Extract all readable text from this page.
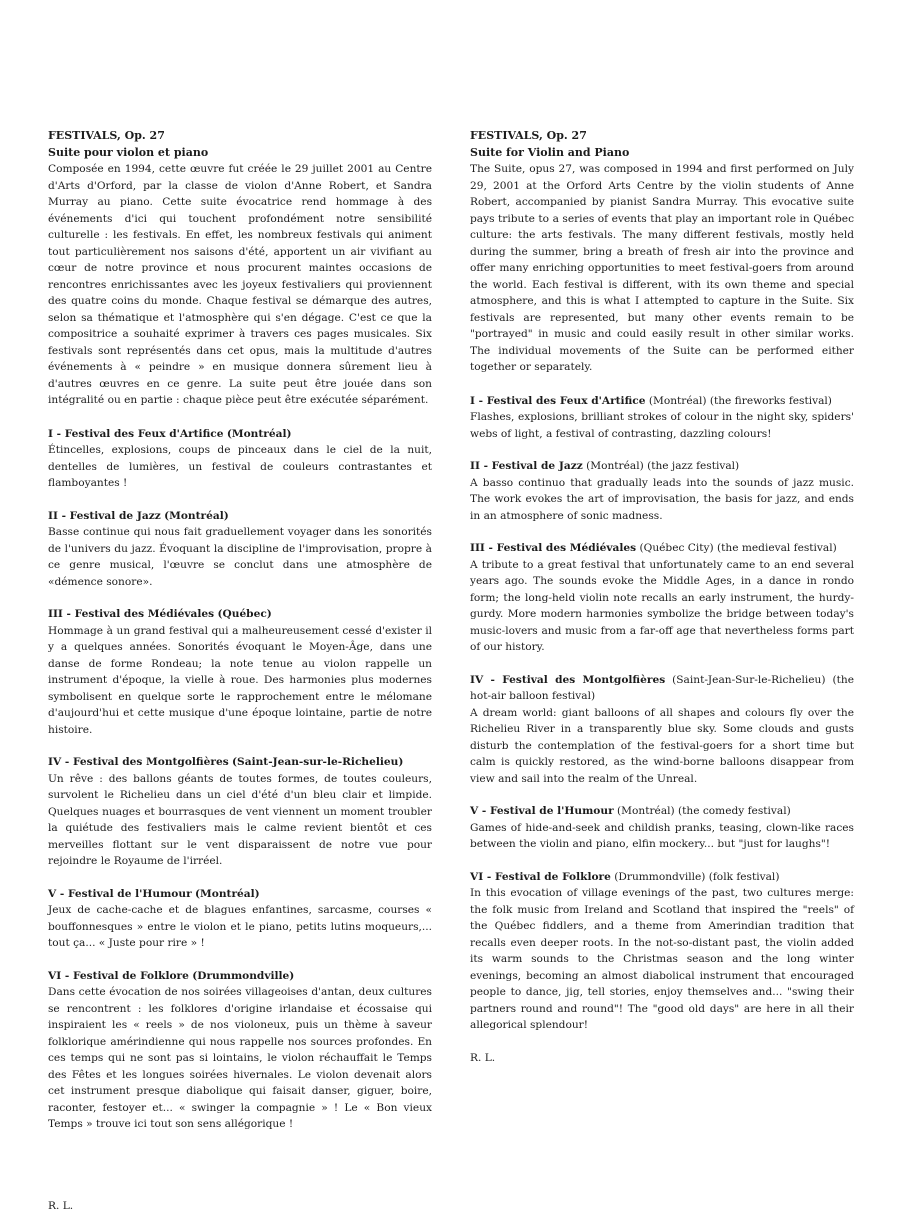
FESTIVALS, Op. 27

Suite pour violon et piano

Composée en 1994, cette œuvre fut créée le 29 juillet 2001 au Centre d'Arts d'Orford, par la classe de violon d'Anne Robert, et Sandra Murray au piano. Cette suite évocatrice rend hommage à des événements d'ici qui touchent profondément notre sensibilité culturelle : les festivals. En effet, les nombreux festivals qui animent tout particulièrement nos saisons d'été, apportent un air vivifiant au cœur de notre province et nous procurent maintes occasions de rencontres enrichissantes avec les joyeux festivaliers qui proviennent des quatre coins du monde. Chaque festival se démarque des autres, selon sa thématique et l'atmosphère qui s'en dégage. C'est ce que la compositrice a souhaité exprimer à travers ces pages musicales. Six festivals sont représentés dans cet opus, mais la multitude d'autres événements à « peindre » en musique donnera sûrement lieu à d'autres œuvres en ce genre. La suite peut être jouée dans son intégralité ou en partie : chaque pièce peut être exécutée séparément.

I - Festival des Feux d'Artifice (Montréal)

Étincelles, explosions, coups de pinceaux dans le ciel de la nuit, dentelles de lumières, un festival de couleurs contrastantes et flamboyantes !

II - Festival de Jazz (Montréal)

Basse continue qui nous fait graduellement voyager dans les sonorités de l'univers du jazz. Évoquant la discipline de l'improvisation, propre à ce genre musical, l'œuvre se conclut dans une atmosphère de «démence sonore».

III - Festival des Médiévales (Québec)

Hommage à un grand festival qui a malheureusement cessé d'exister il y a quelques années. Sonorités évoquant le Moyen-Âge, dans une danse de forme Rondeau; la note tenue au violon rappelle un instrument d'époque, la vielle à roue. Des harmonies plus modernes symbolisent en quelque sorte le rapprochement entre le mélomane d'aujourd'hui et cette musique d'une époque lointaine, partie de notre histoire.

IV - Festival des Montgolfières (Saint-Jean-sur-le-Richelieu)

Un rêve : des ballons géants de toutes formes, de toutes couleurs, survolent le Richelieu dans un ciel d'été d'un bleu clair et limpide. Quelques nuages et bourrasques de vent viennent un moment troubler la quiétude des festivaliers mais le calme revient bientôt et ces merveilles flottant sur le vent disparaissent de notre vue pour rejoindre le Royaume de l'irréel.

V - Festival de l'Humour (Montréal)

Jeux de cache-cache et de blagues enfantines, sarcasme, courses « bouffonnesques » entre le violon et le piano, petits lutins moqueurs,... tout ça... « Juste pour rire » !

VI - Festival de Folklore (Drummondville)

Dans cette évocation de nos soirées villageoises d'antan, deux cultures se rencontrent : les folklores d'origine irlandaise et écossaise qui inspiraient les « reels » de nos violoneux, puis un thème à saveur folklorique amérindienne qui nous rappelle nos sources profondes. En ces temps qui ne sont pas si lointains, le violon réchauffait le Temps des Fêtes et les longues soirées hivernales. Le violon devenait alors cet instrument presque diabolique qui faisait danser, giguer, boire, raconter, festoyer et... « swinger la compagnie » ! Le « Bon vieux Temps » trouve ici tout son sens allégorique !

R. L.

FESTIVALS, Op. 27

Suite for Violin and Piano

The Suite, opus 27, was composed in 1994 and first performed on July 29, 2001 at the Orford Arts Centre by the violin students of Anne Robert, accompanied by pianist Sandra Murray. This evocative suite pays tribute to a series of events that play an important role in Québec culture: the arts festivals. The many different festivals, mostly held during the summer, bring a breath of fresh air into the province and offer many enriching opportunities to meet festival-goers from around the world. Each festival is different, with its own theme and special atmosphere, and this is what I attempted to capture in the Suite. Six festivals are represented, but many other events remain to be "portrayed" in music and could easily result in other similar works. The individual movements of the Suite can be performed either together or separately.

I - Festival des Feux d'Artifice (Montréal) (the fireworks festival)

Flashes, explosions, brilliant strokes of colour in the night sky, spiders' webs of light, a festival of contrasting, dazzling colours!

II - Festival de Jazz (Montréal) (the jazz festival)

A basso continuo that gradually leads into the sounds of jazz music. The work evokes the art of improvisation, the basis for jazz, and ends in an atmosphere of sonic madness.

III - Festival des Médiévales (Québec City) (the medieval festival)

A tribute to a great festival that unfortunately came to an end several years ago. The sounds evoke the Middle Ages, in a dance in rondo form; the long-held violin note recalls an early instrument, the hurdy-gurdy. More modern harmonies symbolize the bridge between today's music-lovers and music from a far-off age that nevertheless forms part of our history.

IV - Festival des Montgolfières (Saint-Jean-Sur-le-Richelieu) (the hot-air balloon festival)

A dream world: giant balloons of all shapes and colours fly over the Richelieu River in a transparently blue sky. Some clouds and gusts disturb the contemplation of the festival-goers for a short time but calm is quickly restored, as the wind-borne balloons disappear from view and sail into the realm of the Unreal.

V - Festival de l'Humour (Montréal) (the comedy festival)

Games of hide-and-seek and childish pranks, teasing, clown-like races between the violin and piano, elfin mockery... but "just for laughs"!

VI - Festival de Folklore (Drummondville) (folk festival)

In this evocation of village evenings of the past, two cultures merge: the folk music from Ireland and Scotland that inspired the "reels" of the Québec fiddlers, and a theme from Amerindian tradition that recalls even deeper roots. In the not-so-distant past, the violin added its warm sounds to the Christmas season and the long winter evenings, becoming an almost diabolical instrument that encouraged people to dance, jig, tell stories, enjoy themselves and... "swing their partners round and round"! The "good old days" are here in all their allegorical splendour!

R. L.
